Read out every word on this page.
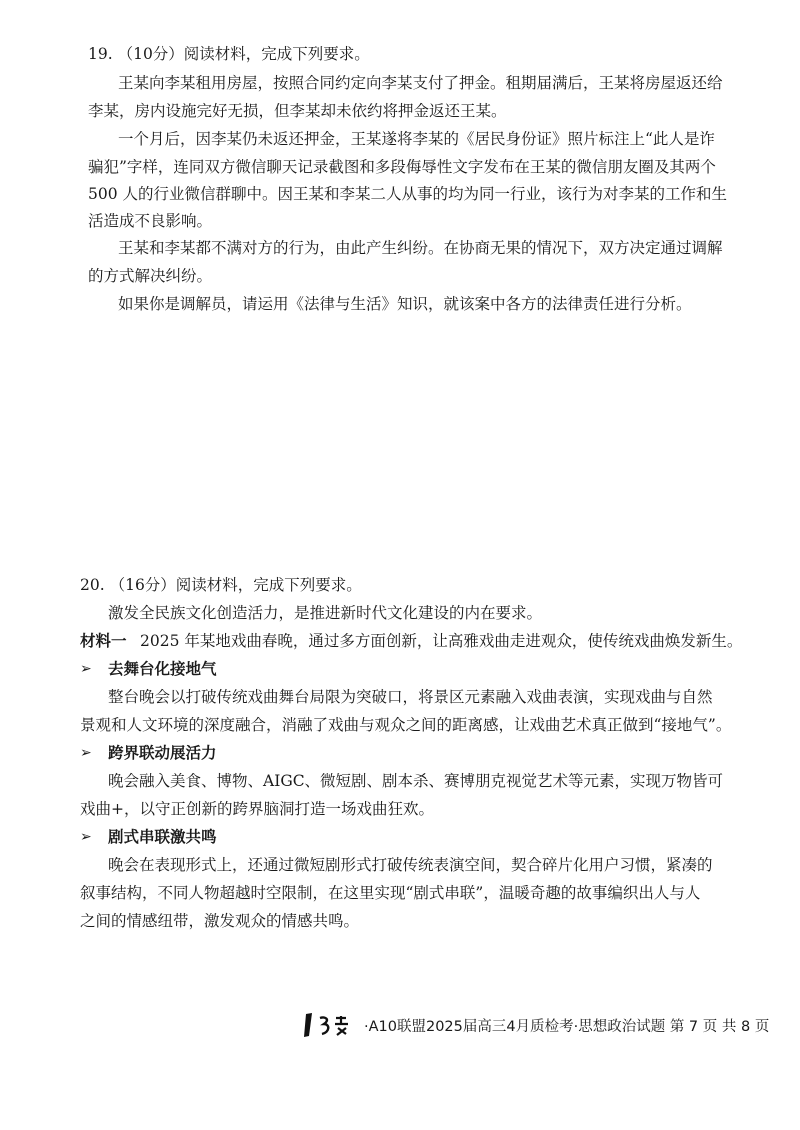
19. （10分）阅读材料，完成下列要求。
王某向李某租用房屋，按照合同约定向李某支付了押金。租期届满后，王某将房屋返还给
李某，房内设施完好无损，但李某却未依约将押金返还王某。
一个月后，因李某仍未返还押金，王某遂将李某的《居民身份证》照片标注上“此人是诈
骗犯”字样，连同双方微信聊天记录截图和多段侮辱性文字发布在王某的微信朋友圈及其两个
500 人的行业微信群聊中。因王某和李某二人从事的均为同一行业，该行为对李某的工作和生
活造成不良影响。
王某和李某都不满对方的行为，由此产生纠纷。在协商无果的情况下，双方决定通过调解
的方式解决纠纷。
如果你是调解员，请运用《法律与生活》知识，就该案中各方的法律责任进行分析。
20. （16分）阅读材料，完成下列要求。
激发全民族文化创造活力，是推进新时代文化建设的内在要求。
材料一 2025 年某地戏曲春晚，通过多方面创新，让高雅戏曲走进观众，使传统戏曲焕发新生。
➢ 去舞台化接地气
整台晚会以打破传统戏曲舞台局限为突破口，将景区元素融入戏曲表演，实现戏曲与自然
景观和人文环境的深度融合，消融了戏曲与观众之间的距离感，让戏曲艺术真正做到“接地气”。
➢ 跨界联动展活力
晚会融入美食、博物、AIGC、微短剧、剧本杀、赛博朋克视觉艺术等元素，实现万物皆可
戏曲+，以守正创新的跨界脑洞打造一场戏曲狂欢。
➢ 剧式串联激共鸣
晚会在表现形式上，还通过微短剧形式打破传统表演空间，契合碎片化用户习惯，紧凑的
叙事结构，不同人物超越时空限制，在这里实现“剧式串联”，温暖奇趣的故事编织出人与人
之间的情感纽带，激发观众的情感共鸣。
·A10联盟2025届高三4月质检考·思想政治试题 第 7 页 共 8 页
